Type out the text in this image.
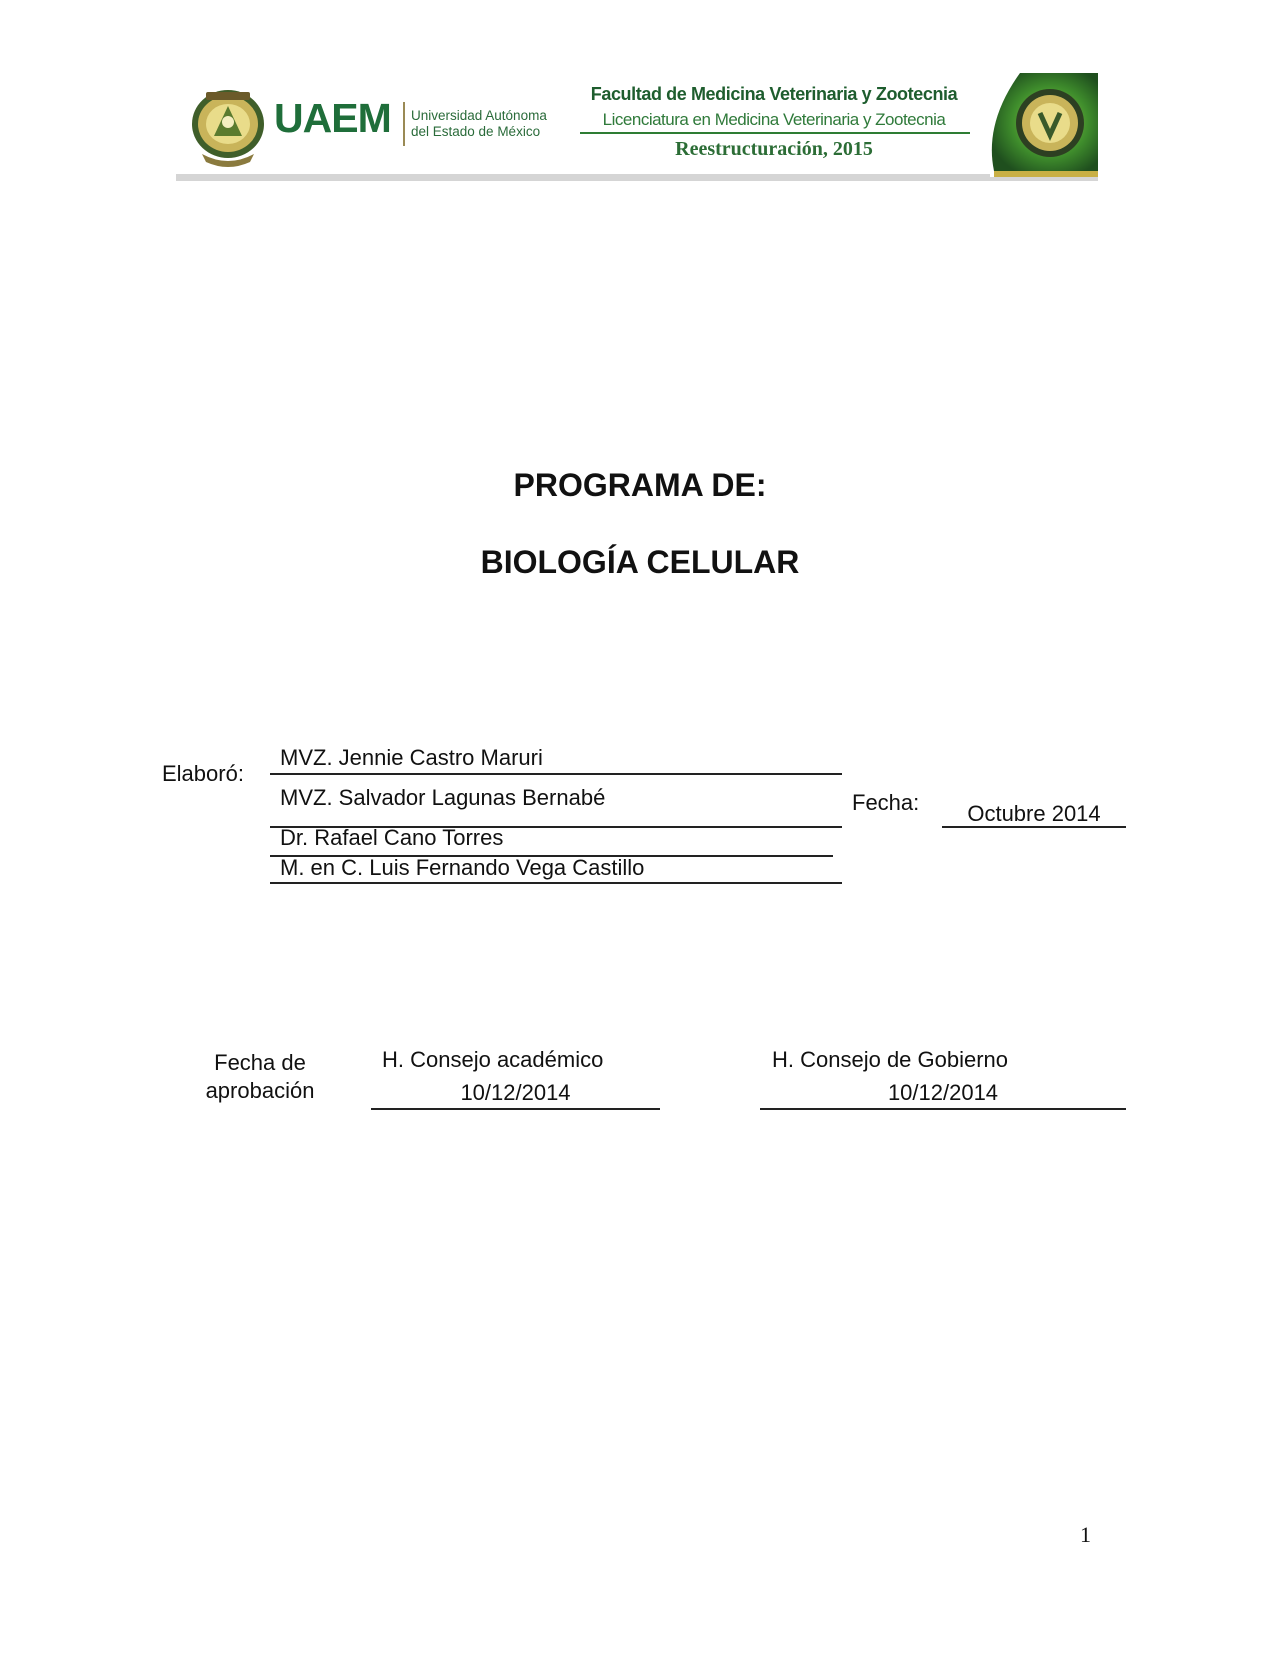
UAEM Universidad Autónoma
del Estado de México
Facultad de Medicina Veterinaria y Zootecnia
Licenciatura en Medicina Veterinaria y Zootecnia
Reestructuración, 2015
PROGRAMA DE:
BIOLOGÍA CELULAR
Elaboró:
MVZ. Jennie Castro Maruri
MVZ. Salvador Lagunas Bernabé
Dr. Rafael Cano Torres
M. en C. Luis Fernando Vega Castillo
Fecha:	Octubre 2014
Fecha de
aprobación
H. Consejo académico
10/12/2014
H. Consejo de Gobierno
10/12/2014
1
